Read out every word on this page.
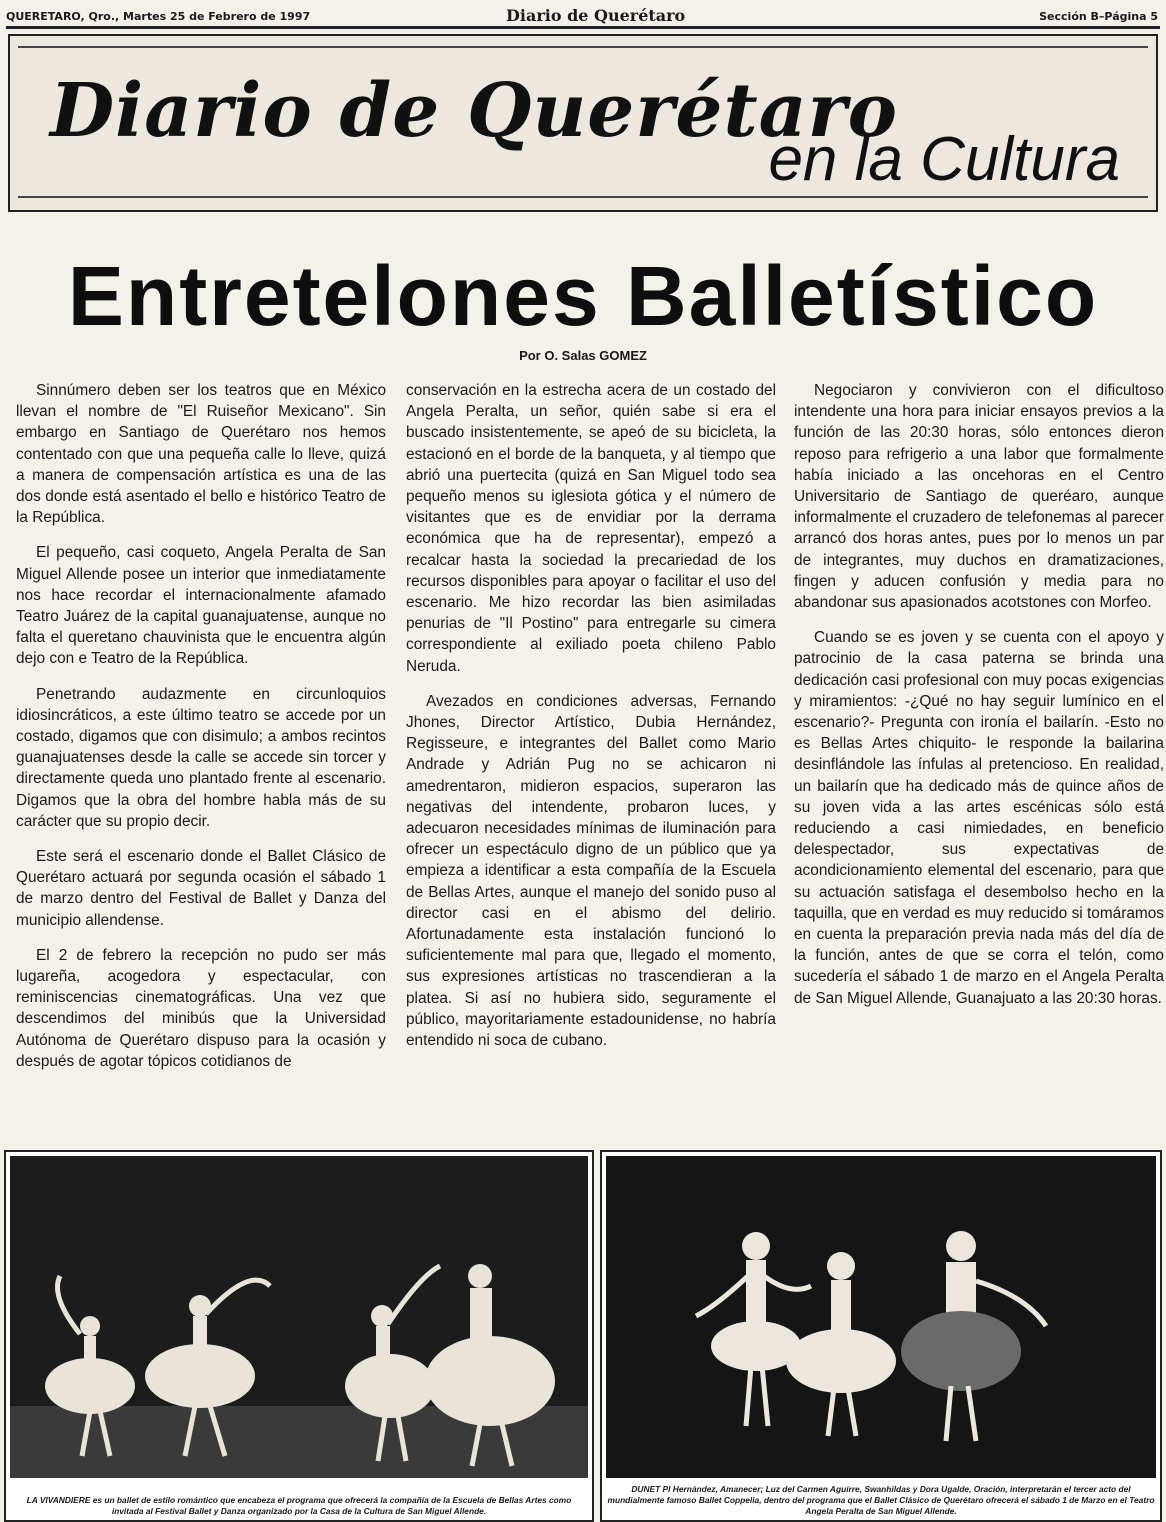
QUERETARO, Qro., Martes 25 de Febrero de 1997	Diario de Querétaro	Sección B–Página 5
Diario de Querétaro
en la Cultura
Entretelones Balletístico
Por O. Salas GOMEZ

Sinnúmero deben ser los teatros que en México llevan el nombre de "El Ruiseñor Mexicano". Sin embargo en Santiago de Querétaro nos hemos contentado con que una pequeña calle lo lleve, quizá a manera de compensación artística es una de las dos donde está asentado el bello e histórico Teatro de la República.

El pequeño, casi coqueto, Angela Peralta de San Miguel Allende posee un interior que inmediatamente nos hace recordar el internacionalmente afamado Teatro Juárez de la capital guanajuatense, aunque no falta el queretano chauvinista que le encuentra algún dejo con e Teatro de la República.

Penetrando audazmente en circunloquios idiosincráticos, a este último teatro se accede por un costado, digamos que con disimulo; a ambos recintos guanajuatenses desde la calle se accede sin torcer y directamente queda uno plantado frente al escenario. Digamos que la obra del hombre habla más de su carácter que su propio decir.

Este será el escenario donde el Ballet Clásico de Querétaro actuará por segunda ocasión el sábado 1 de marzo dentro del Festival de Ballet y Danza del municipio allendense.

El 2 de febrero la recepción no pudo ser más lugareña, acogedora y espectacular, con reminiscencias cinematográficas. Una vez que descendimos del minibús que la Universidad Autónoma de Querétaro dispuso para la ocasión y después de agotar tópicos cotidianos de

conservación en la estrecha acera de un costado del Angela Peralta, un señor, quién sabe si era el buscado insistentemente, se apeó de su bicicleta, la estacionó en el borde de la banqueta, y al tiempo que abrió una puertecita (quizá en San Miguel todo sea pequeño menos su iglesiota gótica y el número de visitantes que es de envidiar por la derrama económica que ha de representar), empezó a recalcar hasta la sociedad la precariedad de los recursos disponibles para apoyar o facilitar el uso del escenario. Me hizo recordar las bien asimiladas penurias de "Il Postino" para entregarle su cimera correspondiente al exiliado poeta chileno Pablo Neruda.

Avezados en condiciones adversas, Fernando Jhones, Director Artístico, Dubia Hernández, Regisseure, e integrantes del Ballet como Mario Andrade y Adrián Pug no se achicaron ni amedrentaron, midieron espacios, superaron las negativas del intendente, probaron luces, y adecuaron necesidades mínimas de iluminación para ofrecer un espectáculo digno de un público que ya empieza a identificar a esta compañía de la Escuela de Bellas Artes, aunque el manejo del sonido puso al director casi en el abismo del delirio. Afortunadamente esta instalación funcionó lo suficientemente mal para que, llegado el momento, sus expresiones artísticas no trascendieran a la platea. Si así no hubiera sido, seguramente el público, mayoritariamente estadounidense, no habría entendido ni soca de cubano.

Negociaron y convivieron con el dificultoso intendente una hora para iniciar ensayos previos a la función de las 20:30 horas, sólo entonces dieron reposo para refrigerio a una labor que formalmente había iniciado a las oncehoras en el Centro Universitario de Santiago de queréaro, aunque informalmente el cruzadero de telefonemas al parecer arrancó dos horas antes, pues por lo menos un par de integrantes, muy duchos en dramatizaciones, fingen y aducen confusión y media para no abandonar sus apasionados acotstones con Morfeo.

Cuando se es joven y se cuenta con el apoyo y patrocinio de la casa paterna se brinda una dedicación casi profesional con muy pocas exigencias y miramientos: -¿Qué no hay seguir lumínico en el escenario?- Pregunta con ironía el bailarín. -Esto no es Bellas Artes chiquito- le responde la bailarina desinflándole las ínfulas al pretencioso. En realidad, un bailarín que ha dedicado más de quince años de su joven vida a las artes escénicas sólo está reduciendo a casi nimiedades, en beneficio delespectador, sus expectativas de acondicionamiento elemental del escenario, para que su actuación satisfaga el desembolso hecho en la taquilla, que en verdad es muy reducido si tomáramos en cuenta la preparación previa nada más del día de la función, antes de que se corra el telón, como sucedería el sábado 1 de marzo en el Angela Peralta de San Miguel Allende, Guanajuato a las 20:30 horas.

LA VIVANDIERE es un ballet de estilo romántico que encabeza el programa que ofrecerá la compañía de la Escuela de Bellas Artes como invitada al Festival Ballet y Danza organizado por la Casa de la Cultura de San Miguel Allende.
DUNET PI Hernández, Amanecer; Luz del Carmen Aguirre, Swanhildas y Dora Ugalde, Oración, interpretarán el tercer acto del mundialmente famoso Ballet Coppelia, dentro del programa que el Ballet Clásico de Querétaro ofrecerá el sábado 1 de Marzo en el Teatro Angela Peralta de San Miguel Allende.
